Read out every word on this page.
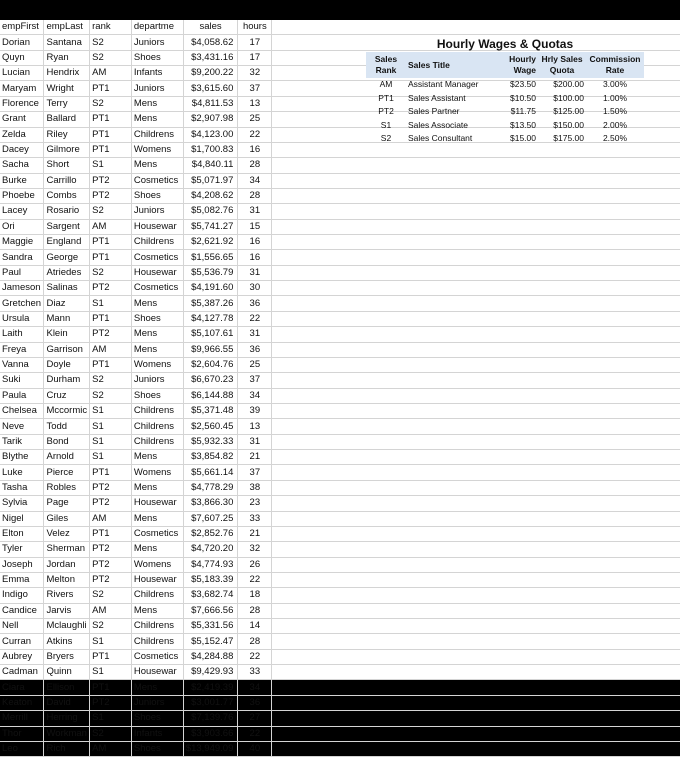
empFirst	empLast	rank	departme	sales	hours	
Dorian	Santana	S2	Juniors	$4,058.62	17	
Quyn	Ryan	S2	Shoes	$3,431.16	17	
Lucian	Hendrix	AM	Infants	$9,200.22	32	
Maryam	Wright	PT1	Juniors	$3,615.60	37	
Florence	Terry	S2	Mens	$4,811.53	13	
Grant	Ballard	PT1	Mens	$2,907.98	25	
Zelda	Riley	PT1	Childrens	$4,123.00	22	
Dacey	Gilmore	PT1	Womens	$1,700.83	16	
Sacha	Short	S1	Mens	$4,840.11	28	
Burke	Carrillo	PT2	Cosmetics	$5,071.97	34	
Phoebe	Combs	PT2	Shoes	$4,208.62	28	
Lacey	Rosario	S2	Juniors	$5,082.76	31	
Ori	Sargent	AM	Housewar	$5,741.27	15	
Maggie	England	PT1	Childrens	$2,621.92	16	
Sandra	George	PT1	Cosmetics	$1,556.65	16	
Paul	Atriedes	S2	Housewar	$5,536.79	31	
Jameson	Salinas	PT2	Cosmetics	$4,191.60	30	
Gretchen	Diaz	S1	Mens	$5,387.26	36	
Ursula	Mann	PT1	Shoes	$4,127.78	22	
Laith	Klein	PT2	Mens	$5,107.61	31	
Freya	Garrison	AM	Mens	$9,966.55	36	
Vanna	Doyle	PT1	Womens	$2,604.76	25	
Suki	Durham	S2	Juniors	$6,670.23	37	
Paula	Cruz	S2	Shoes	$6,144.88	34	
Chelsea	Mccormic	S1	Childrens	$5,371.48	39	
Neve	Todd	S1	Childrens	$2,560.45	13	
Tarik	Bond	S1	Childrens	$5,932.33	31	
Blythe	Arnold	S1	Mens	$3,854.82	21	
Luke	Pierce	PT1	Womens	$5,661.14	37	
Tasha	Robles	PT2	Mens	$4,778.29	38	
Sylvia	Page	PT2	Housewar	$3,866.30	23	
Nigel	Giles	AM	Mens	$7,607.25	33	
Elton	Velez	PT1	Cosmetics	$2,852.76	21	
Tyler	Sherman	PT2	Mens	$4,720.20	32	
Joseph	Jordan	PT2	Womens	$4,774.93	26	
Emma	Melton	PT2	Housewar	$5,183.39	22	
Indigo	Rivers	S2	Childrens	$3,682.74	18	
Candice	Jarvis	AM	Mens	$7,666.56	28	
Nell	Mclaughli	S2	Childrens	$5,331.56	14	
Curran	Atkins	S1	Childrens	$5,152.47	28	
Aubrey	Bryers	PT1	Cosmetics	$4,284.88	22	
Cadman	Quinn	S1	Housewar	$9,429.93	33	
Ciara	Ellison	PT1	Mens	$2,419.39	34	
Keaton	David	PT2	Juniors	$3,001.77	36	
Merrill	Herring	S1	Shoes	$7,139.76	27	
Thor	Workman	S2	Infants	$3,903.66	22	
Leo	Rich	AM	Shoes	$13,949.09	40	
Hourly Wages & Quotas
Sales Rank	Sales Title	Hourly Wage	Hrly Sales Quota	Commission Rate
AM	Assistant Manager	$23.50	$200.00	3.00%
PT1	Sales Assistant	$10.50	$100.00	1.00%
PT2	Sales Partner	$11.75	$125.00	1.50%
S1	Sales Associate	$13.50	$150.00	2.00%
S2	Sales Consultant	$15.00	$175.00	2.50%
